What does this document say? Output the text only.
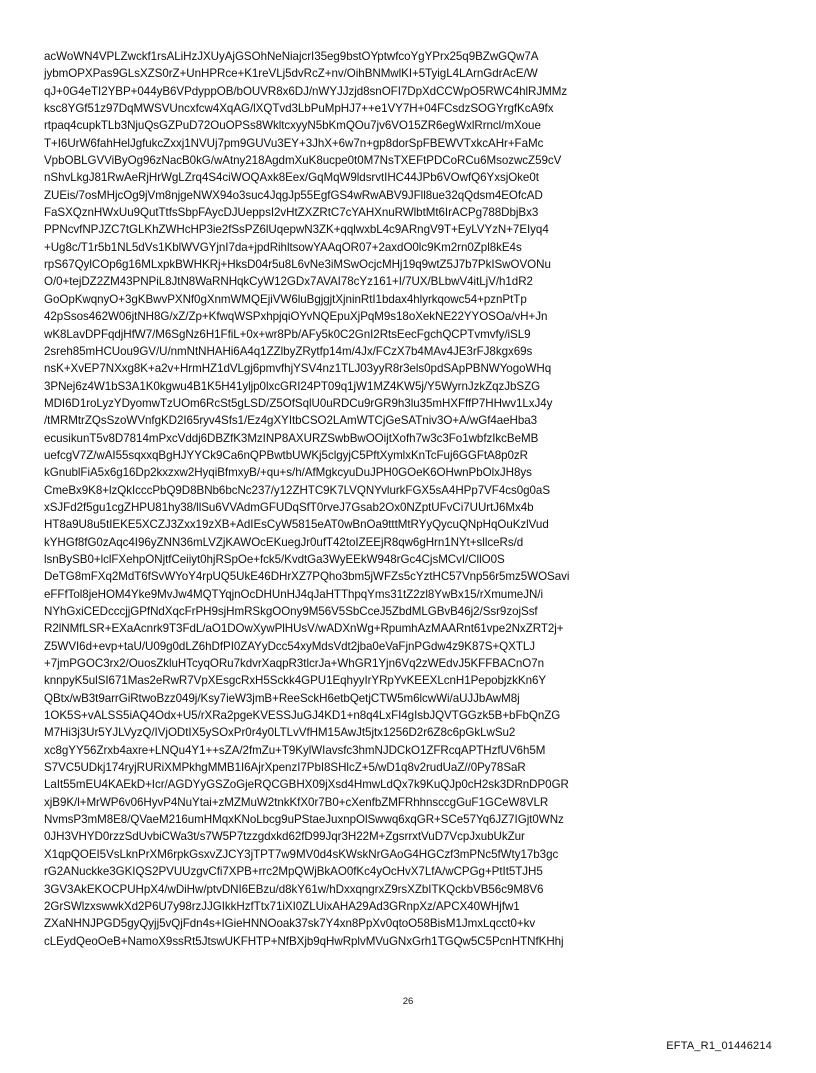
acWoWN4VPLZwckf1rsALiHzJXUyAjGSOhNeNiajcrI35eg9bstOYptwfcoYgYPrx25q9BZwGQw7A
jybmOPXPas9GLsXZS0rZ+UnHPRce+K1reVLj5dvRcZ+nv/OihBNMwlKI+5TyigL4LArnGdrAcE/W
qJ+0G4eTI2YBP+044yB6VPdyppOB/bOUVR8x6DJ/nWYJJzjd8snOFI7DpXdCCWpO5RWC4hlRJMMz
ksc8YGf51z97DqMWSVUncxfcw4XqAG/lXQTvd3LbPuMpHJ7++e1VY7H+04FCsdzSOGYrgfKcA9fx
rtpaq4cupkTLb3NjuQsGZPuD72OuOPSs8WkltcxyyN5bKmQOu7jv6VO15ZR6egWxlRrncl/mXoue
T+I6UrW6fahHelJgfukcZxxj1NVUj7pm9GUVu3EY+3JhX+6w7n+gp8dorSpFBEWVTxkcAHr+FaMc
VpbOBLGVViByOg96zNacB0kG/wAtny218AgdmXuK8ucpe0t0M7NsTXEFtPDCoRCu6MsozwcZ59cV
nShvLkgJ81RwAeRjHrWgLZrq4S4ciWOQAxk8Eex/GqMqW9ldsrvtIHC44JPb6VOwfQ6YxsjOke0t
ZUEis/7osMHjcOg9jVm8njgeNWX94o3suc4JqgJp55EgfGS4wRwABV9JFll8ue32qQdsm4EOfcAD
FaSXQznHWxUu9QutTtfsSbpFAycDJUeppsI2vHtZXZRtC7cYAHXnuRWlbtMt6IrACPg788DbjBx3
PPNcvfNPJZC7tGLKhZWHcHP3ie2fSsPZ6lUqepwN3ZK+qqlwxbL4c9ARngV9T+EyLVYzN+7EIyq4
+Ug8c/T1r5b1NL5dVs1KblWVGYjnI7da+jpdRihltsowYAAqOR07+2axdO0lc9Km2rn0Zpl8kE4s
rpS67QylCOp6g16MLxpkBWHKRj+HksD04r5u8L6vNe3iMSwOcjcMHj19q9wtZ5J7b7PkISwOVONu
O/0+tejDZ2ZM43PNPiL8JtN8WaRNHqkCyW12GDx7AVAI78cYz161+I/7UX/BLbwV4itLjV/h1dR2
GoOpKwqnyO+3gKBwvPXNf0gXnmWMQEjiVW6luBgjgjtXjninRtI1bdax4hlyrkqowc54+pznPtTp
42pSsos462W06jtNH8G/xZ/Zp+KfwqWSPxhpjqiOYvNQEpuXjPqM9s18oXekNE22YYOSOa/vH+Jn
wK8LavDPFqdjHfW7/M6SgNz6H1FfiL+0x+wr8Pb/AFy5k0C2GnI2RtsEecFgchQCPTvmvfy/iSL9
2sreh85mHCUou9GV/U/nmNtNHAHi6A4q1ZZlbyZRytfp14m/4Jx/FCzX7b4MAv4JE3rFJ8kgx69s
nsK+XvEP7NXxg8K+a2v+HrmHZ1dVLgj6pmvfhjYSV4nz1TLJ03yyR8r3els0pdSApPBNWYogoWHq
3PNej6z4W1bS3A1K0kgwu4B1K5H41yljp0lxcGRI24PT09q1jW1MZ4KW5j/Y5WyrnJzkZqzJbSZG
MDI6D1roLyzYDyomwTzUOm6RcSt5gLSD/Z5OfSqlU0uRDCu9rGR9h3lu35mHXFffP7HHwv1LxJ4y
/tMRMtrZQsSzoWVnfgKD2I65ryv4Sfs1/Ez4gXYItbCSO2LAmWTCjGeSATniv3O+A/wGf4aeHba3
ecusikunT5v8D7814mPxcVddj6DBZfK3MzINP8AXURZSwbBwOOijtXofh7w3c3Fo1wbfzIkcBeMB
uefcgV7Z/wAI55sqxxqBgHJYYCk9Ca6nQPBwtbUWKj5clgyjC5PftXymlxKnTcFuj6GGFtA8p0zR
kGnublFiA5x6g16Dp2kxzxw2HyqiBfmxyB/+qu+s/h/AfMgkcyuDuJPH0GOeK6OHwnPbOlxJH8ys
CmeBx9K8+lzQkIcccPbQ9D8BNb6bcNc237/y12ZHTC9K7LVQNYvlurkFGX5sA4HPp7VF4cs0g0aS
xSJFd2f5gu1cgZHPU81hy38/llSu6VVAdmGFUDqSfT0rveJ7Gsab2Ox0NZptUFvCi7UUrtJ6Mx4b
HT8a9U8u5tIEKE5XCZJ3Zxx19zXB+AdIEsCyW5815eAT0wBnOa9tttMtRYyQycuQNpHqOuKzlVud
kYHGf8fG0zAqc4I96yZNN36mLVZjKAWOcEKuegJr0ufT42toIZEEjR8qw6gHrn1NYt+sllceRs/d
lsnBySB0+lclFXehpONjtfCeiiyt0hjRSpOe+fck5/KvdtGa3WyEEkW948rGc4CjsMCvI/CllO0S
DeTG8mFXq2MdT6fSvWYoY4rpUQ5UkE46DHrXZ7PQho3bm5jWFZs5cYztHC57Vnp56r5mz5WOSavi
eFFfTol8jeHOM4Yke9MvJw4MQTYqjnOcDHUnHJ4qJaHTThpqYms31tZ2zl8YwBx15/rXmumeJN/i
NYhGxiCEDcccjjGPfNdXqcFrPH9sjHmRSkgOOny9M56V5SbCceJ5ZbdMLGBvB46j2/Ssr9zojSsf
R2lNMfLSR+EXaAcnrk9T3FdL/aO1DOwXywPlHUsV/wADXnWg+RpumhAzMAARnt61vpe2NxZRT2j+
Z5WVI6d+evp+taU/U09g0dLZ6hDfPI0ZAYyDcc54xyMdsVdt2jba0eVaFjnPGdw4z9K87S+QXTLJ
+7jmPGOC3rx2/OuosZkluHTcyqORu7kdvrXaqpR3tlcrJa+WhGR1Yjn6Vq2zWEdvJ5KFFBACnO7n
knnpyK5ulSI671Mas2eRwR7VpXEsgcRxH5Sckk4GPU1EqhyyIrYRpYvKEEXLcnH1PepobjzkKn6Y
QBtx/wB3t9arrGiRtwoBzz049j/Ksy7ieW3jmB+ReeSckH6etbQetjCTW5m6lcwWi/aUJJbAwM8j
1OK5S+vALSS5iAQ4Odx+U5/rXRa2pgeKVESSJuGJ4KD1+n8q4LxFI4gIsbJQVTGGzk5B+bFbQnZG
M7Hi3j3Ur5YJLVyzQ/IVjODtIX5ySOxPr0r4y0LTLvVfHM15AwJt5jtx1256D2r6Z8c6pGkLwSu2
xc8gYY56Zrxb4axre+LNQu4Y1++sZA/2fmZu+T9KylWIavsfc3hmNJDCkO1ZFRcqAPTHzfUV6h5M
S7VC5UDkj174ryjRURiXMPkhgMMB1I6AjrXpenzI7PbI8SHlcZ+5/wD1q8v2rudUaZ//0Py78SaR
LaIt55mEU4KAEkD+Icr/AGDYyGSZoGjeRQCGBHX09jXsd4HmwLdQx7k9KuQJp0cH2sk3DRnDP0GR
xjB9K/l+MrWP6v06HyvP4NuYtai+zMZMuW2tnkKfX0r7B0+cXenfbZMFRhhnsccgGuF1GCeW8VLR
NvmsP3mM8E8/QVaeM216umHMqxKNoLbcg9uPStaeJuxnpOlSwwq6xqGR+SCe57Yq6JZ7IGjt0WNz
0JH3VHYD0rzzSdUvbiCWa3t/s7W5P7tzzgdxkd62fD99Jqr3H22M+ZgsrrxtVuD7VcpJxubUkZur
X1qpQOEI5VsLknPrXM6rpkGsxvZJCY3jTPT7w9MV0d4sKWskNrGAoG4HGCzf3mPNc5fWty17b3gc
rG2ANuckke3GKIQS2PVUUzgvCfi7XPB+rrc2MpQWjBkAO0fKc4yOcHvX7LfA/wCPGg+PtIt5TJH5
3GV3AkEKOCPUHpX4/wDiHw/ptvDNI6EBzu/d8kY61w/hDxxqngrxZ9rsXZbITKQckbVB56c9M8V6
2GrSWlzxswwkXd2P6U7y98rzJJGIkkHzfTtx71iXI0ZLUixAHA29Ad3GRnpXz/APCX40WHjfw1
ZXaNHNJPGD5gyQyjj5vQjFdn4s+IGieHNNOoak37sk7Y4xn8PpXv0qtoO58BisM1JmxLqcct0+kv
cLEydQeoOeB+NamoX9ssRt5JtswUKFHTP+NfBXjb9qHwRplvMVuGNxGrh1TGQw5C5PcnHTNfKHhj
26
EFTA_R1_01446214
